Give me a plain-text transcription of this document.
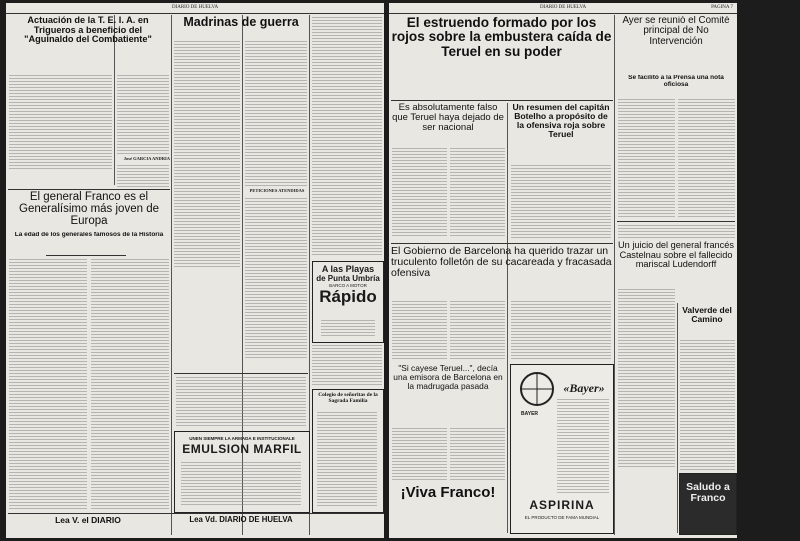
DIARIO DE HUELVA
Actuación de la T. E. I. A. en Trigueros a beneficio del "Aguinaldo del Combatiente"
José GARCIA ANDRIA
El general Franco es el Generalísimo más joven de Europa
La edad de los generales famosos de la Historia
Lea V. el DIARIO
Madrinas de guerra
PETICIONES ATENDIDAS
UNEN SIEMPRE LA ARMADA E INSTITUCIONALE
EMULSION MARFIL
Lea Vd. DIARIO DE HUELVA
A las Playas
de Punta Umbría
BARCO A MOTOR
Rápido
Colegio de señoritas de la Sagrada Familia
DIARIO DE HUELVA	PAGINA 7
El estruendo formado por los rojos sobre la embustera caída de Teruel en su poder
Es absolutamente falso que Teruel haya dejado de ser nacional
Un resumen del capitán Botelho a propósito de la ofensiva roja sobre Teruel
El Gobierno de Barcelona ha querido trazar un truculento folletón de su cacareada y fracasada ofensiva
"Si cayese Teruel...", decía una emisora de Barcelona en la madrugada pasada
¡Viva Franco!
BAYER
«Bayer»
ASPIRINA
EL PRODUCTO DE FAMA MUNDIAL
Ayer se reunió el Comité principal de No Intervención
Se facilitó a la Prensa una nota oficiosa
Un juicio del general francés Castelnau sobre el fallecido mariscal Ludendorff
Valverde del Camino
Saludo a Franco
